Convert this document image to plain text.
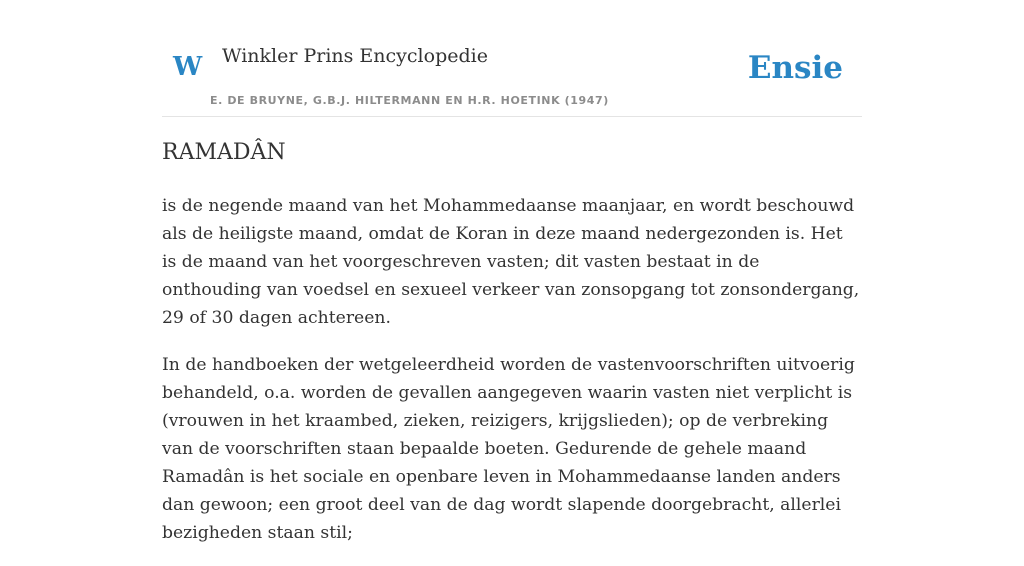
W Winkler Prins Encyclopedie
E. DE BRUYNE, G.B.J. HILTERMANN EN H.R. HOETINK (1947)
Ensie
RAMADÂN

is de negende maand van het Mohammedaanse maanjaar, en wordt beschouwd als de heiligste maand, omdat de Koran in deze maand nedergezonden is. Het is de maand van het voorgeschreven vasten; dit vasten bestaat in de onthouding van voedsel en sexueel verkeer van zonsopgang tot zonsondergang, 29 of 30 dagen achtereen.

In de handboeken der wetgeleerdheid worden de vastenvoorschriften uitvoerig behandeld, o.a. worden de gevallen aangegeven waarin vasten niet verplicht is (vrouwen in het kraambed, zieken, reizigers, krijgslieden); op de verbreking van de voorschriften staan bepaalde boeten. Gedurende de gehele maand Ramadân is het sociale en openbare leven in Mohammedaanse landen anders dan gewoon; een groot deel van de dag wordt slapende doorgebracht, allerlei bezigheden staan stil;
